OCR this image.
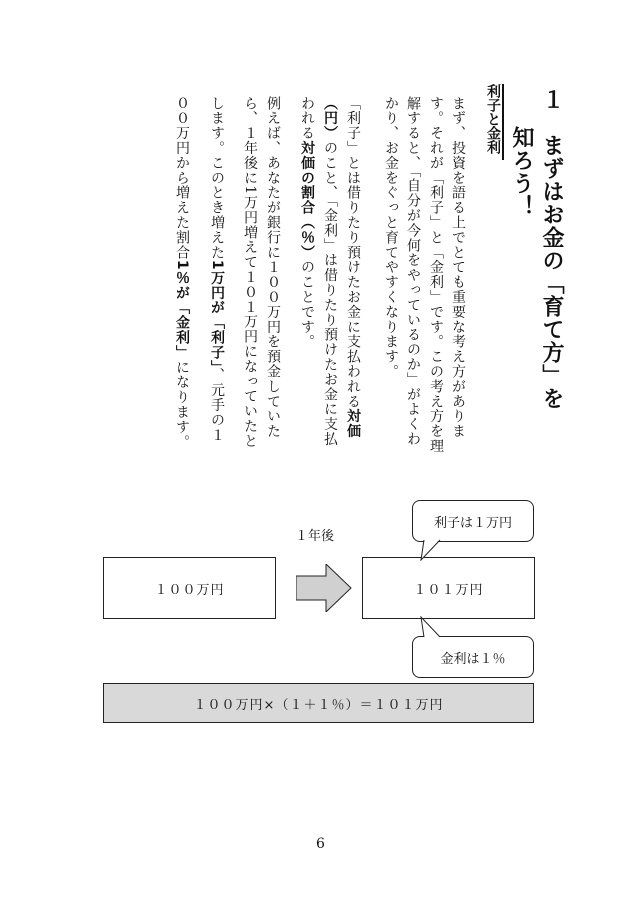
１　まずはお金の「育て方」を
知ろう！
利子と金利
まず、投資を語る上でとても重要な考え方がありま
す。それが「利子」と「金利」です。この考え方を理
解すると、「自分が今何をやっているのか」がよくわ
かり、お金をぐっと育てやすくなります。
「利子」とは借りたり預けたお金に支払われる対価
（円）のこと、「金利」は借りたり預けたお金に支払
われる対価の割合（％）のことです。
例えば、あなたが銀行に１００万円を預金していた
ら、１年後に1万円増えて１０１万円になっていたと
します。このとき増えた1万円が「利子」、元手の１
００万円から増えた割合1％が「金利」になります。
１年後
１００万円	１０１万円
利子は１万円
金利は１％
１００万円×（１＋１％）＝１０１万円
6
